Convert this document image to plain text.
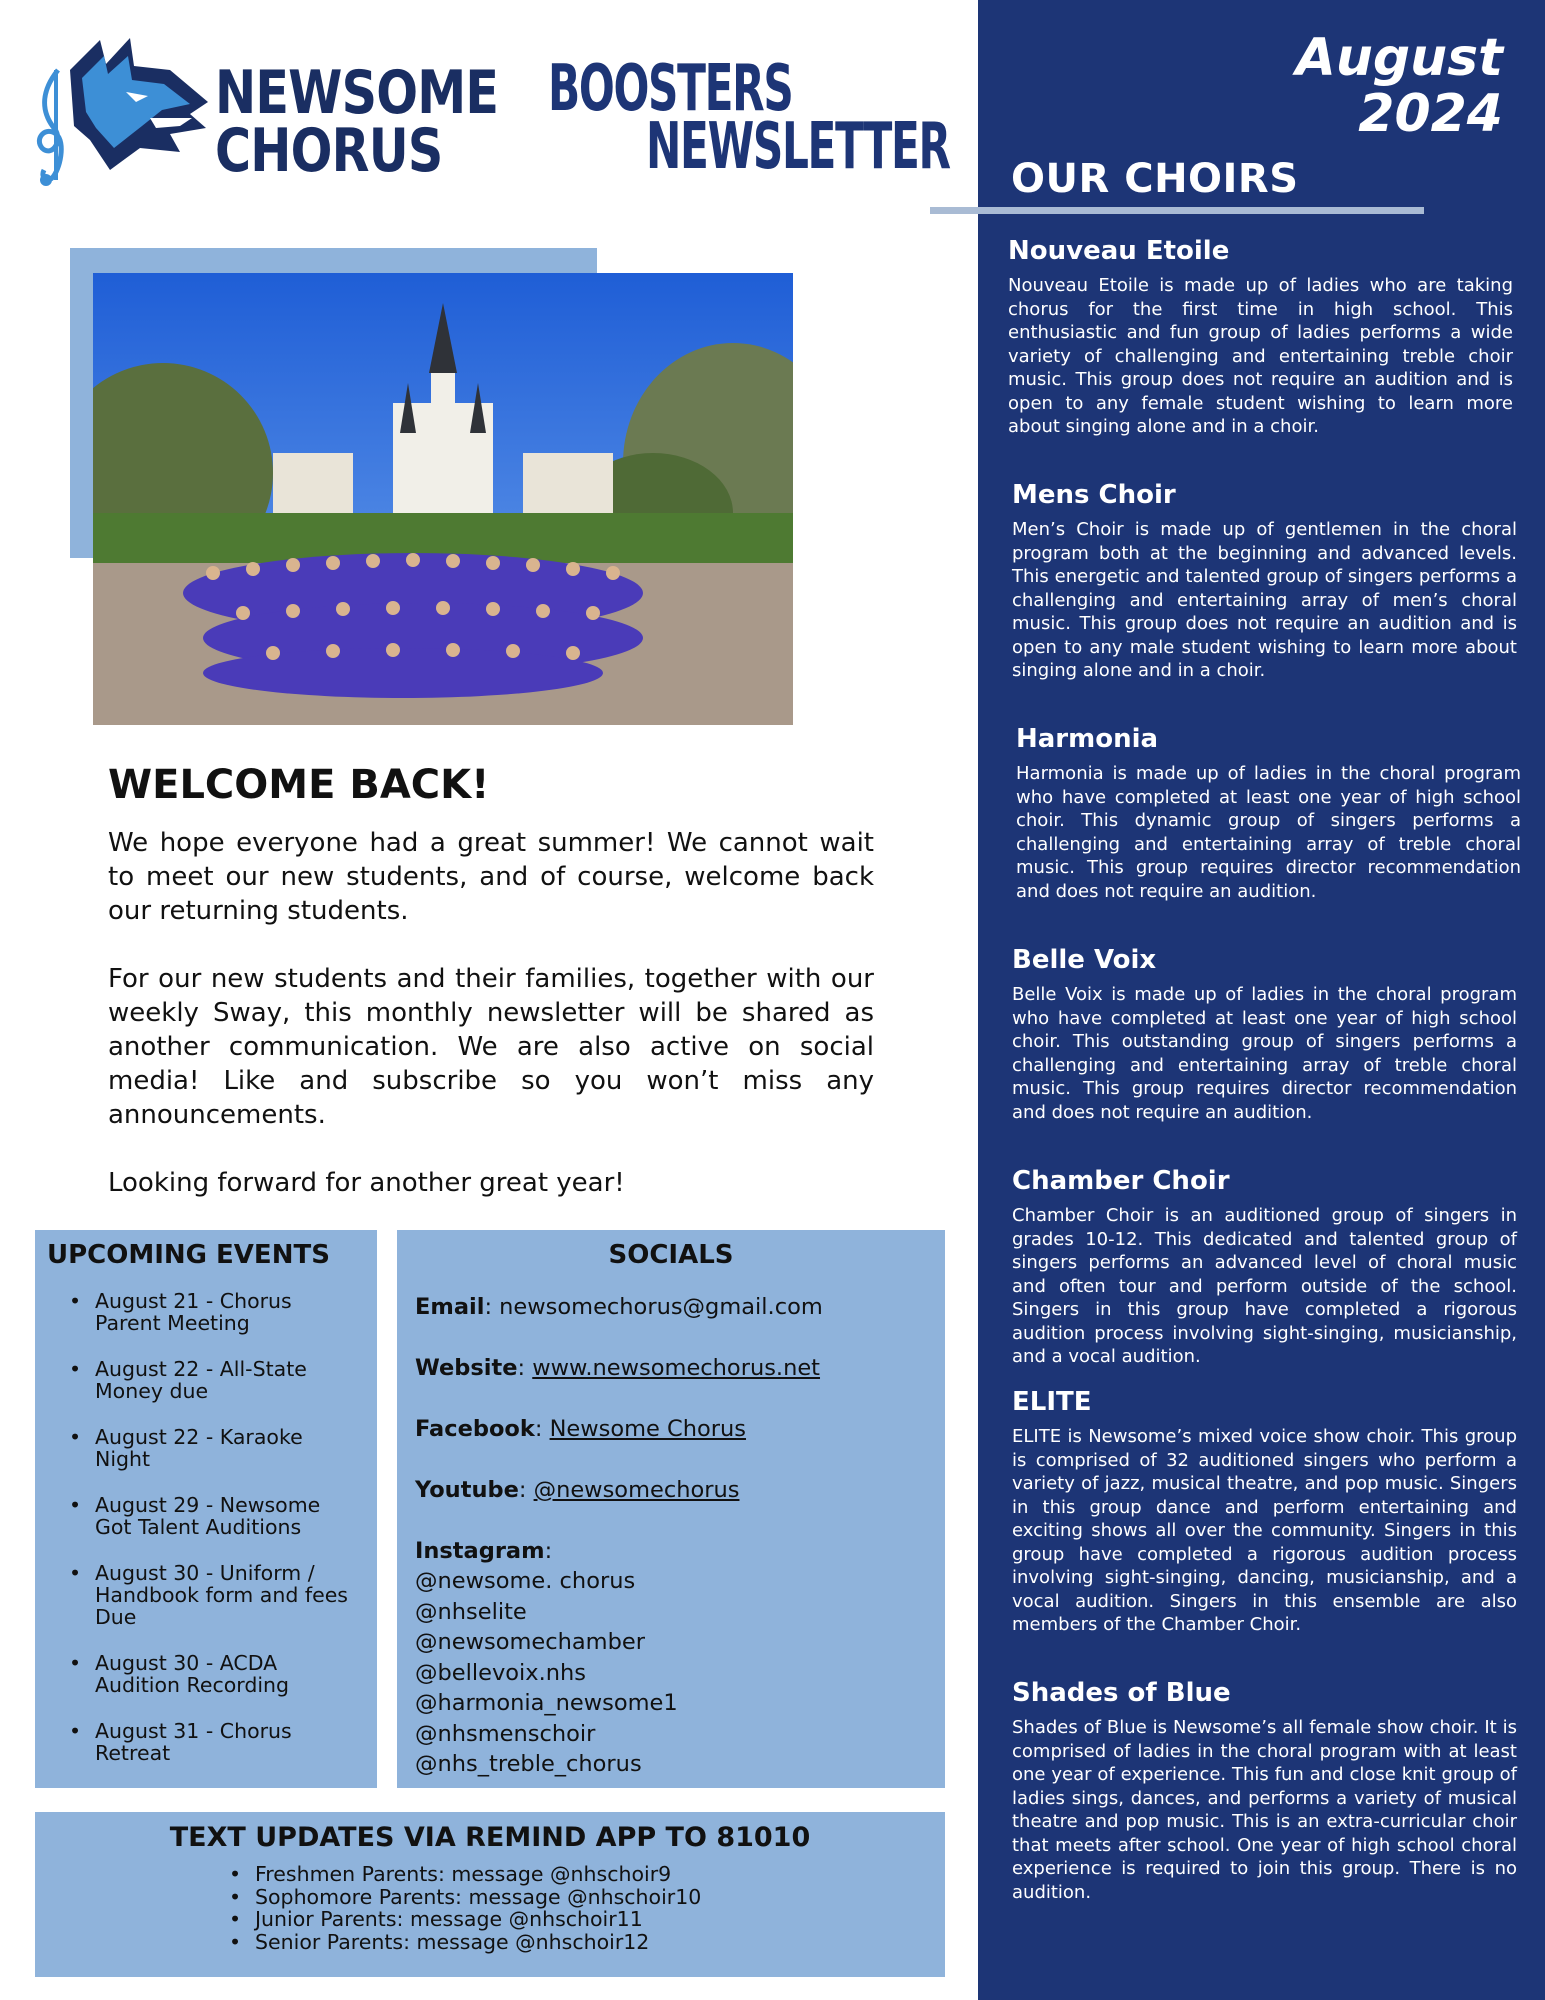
NEWSOME
CHORUS
BOOSTERS
NEWSLETTER
WELCOME BACK!

We hope everyone had a great summer! We cannot wait to meet our new students, and of course, welcome back our returning students.

For our new students and their families, together with our weekly Sway, this monthly newsletter will be shared as another communication. We are also active on social media! Like and subscribe so you won’t miss any announcements.

Looking forward for another great year!

UPCOMING EVENTS
• August 21 - Chorus Parent Meeting
• August 22 - All-State Money due
• August 22 - Karaoke Night
• August 29 - Newsome Got Talent Auditions
• August 30 - Uniform / Handbook form and fees Due
• August 30 - ACDA Audition Recording
• August 31 - Chorus Retreat
SOCIALS
Email: newsomechorus@gmail.com
Website: www.newsomechorus.net
Facebook: Newsome Chorus
Youtube: @newsomechorus
Instagram:
@newsome. chorus
@nhselite
@newsomechamber
@bellevoix.nhs
@harmonia_newsome1
@nhsmenschoir
@nhs_treble_chorus
TEXT UPDATES VIA REMIND APP TO 81010
• Freshmen Parents: message @nhschoir9
• Sophomore Parents: message @nhschoir10
• Junior Parents: message @nhschoir11
• Senior Parents: message @nhschoir12
August
2024
OUR CHOIRS
Nouveau Etoile

Nouveau Etoile is made up of ladies who are taking chorus for the first time in high school. This enthusiastic and fun group of ladies performs a wide variety of challenging and entertaining treble choir music. This group does not require an audition and is open to any female student wishing to learn more about singing alone and in a choir.

Mens Choir

Men’s Choir is made up of gentlemen in the choral program both at the beginning and advanced levels. This energetic and talented group of singers performs a challenging and entertaining array of men’s choral music. This group does not require an audition and is open to any male student wishing to learn more about singing alone and in a choir.

Harmonia

Harmonia is made up of ladies in the choral program who have completed at least one year of high school choir. This dynamic group of singers performs a challenging and entertaining array of treble choral music. This group requires director recommendation and does not require an audition.

Belle Voix

Belle Voix is made up of ladies in the choral program who have completed at least one year of high school choir. This outstanding group of singers performs a challenging and entertaining array of treble choral music. This group requires director recommendation and does not require an audition.

Chamber Choir

Chamber Choir is an auditioned group of singers in grades 10-12. This dedicated and talented group of singers performs an advanced level of choral music and often tour and perform outside of the school. Singers in this group have completed a rigorous audition process involving sight-singing, musicianship, and a vocal audition.

ELITE

ELITE is Newsome’s mixed voice show choir. This group is comprised of 32 auditioned singers who perform a variety of jazz, musical theatre, and pop music. Singers in this group dance and perform entertaining and exciting shows all over the community. Singers in this group have completed a rigorous audition process involving sight-singing, dancing, musicianship, and a vocal audition. Singers in this ensemble are also members of the Chamber Choir.

Shades of Blue

Shades of Blue is Newsome’s all female show choir. It is comprised of ladies in the choral program with at least one year of experience. This fun and close knit group of ladies sings, dances, and performs a variety of musical theatre and pop music. This is an extra-curricular choir that meets after school. One year of high school choral experience is required to join this group. There is no audition.
